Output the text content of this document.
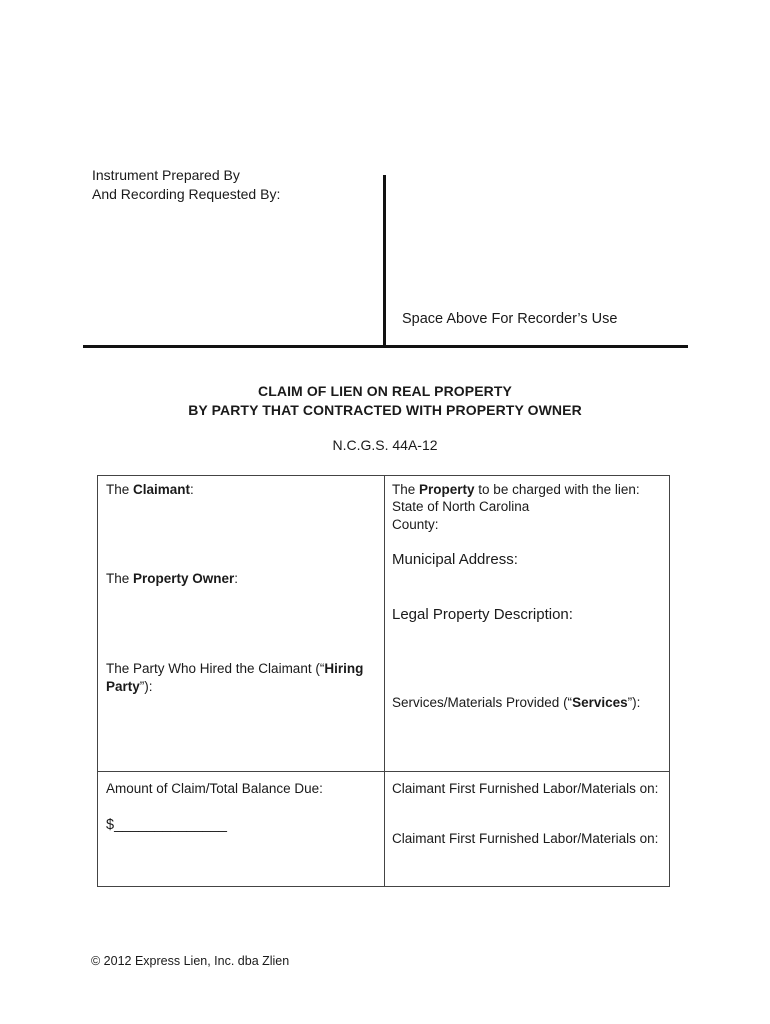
Instrument Prepared By
And Recording Requested By:
Space Above For Recorder’s Use
CLAIM OF LIEN ON REAL PROPERTY
BY PARTY THAT CONTRACTED WITH PROPERTY OWNER
N.C.G.S. 44A-12
The Claimant:
The Property Owner:
The Party Who Hired the Claimant (“Hiring
Party”):
Amount of Claim/Total Balance Due:
$______________
The Property to be charged with the lien:
State of North Carolina
County:
Municipal Address:
Legal Property Description:
Services/Materials Provided (“Services”):
Claimant First Furnished Labor/Materials on:
Claimant First Furnished Labor/Materials on:
© 2012 Express Lien, Inc. dba Zlien
